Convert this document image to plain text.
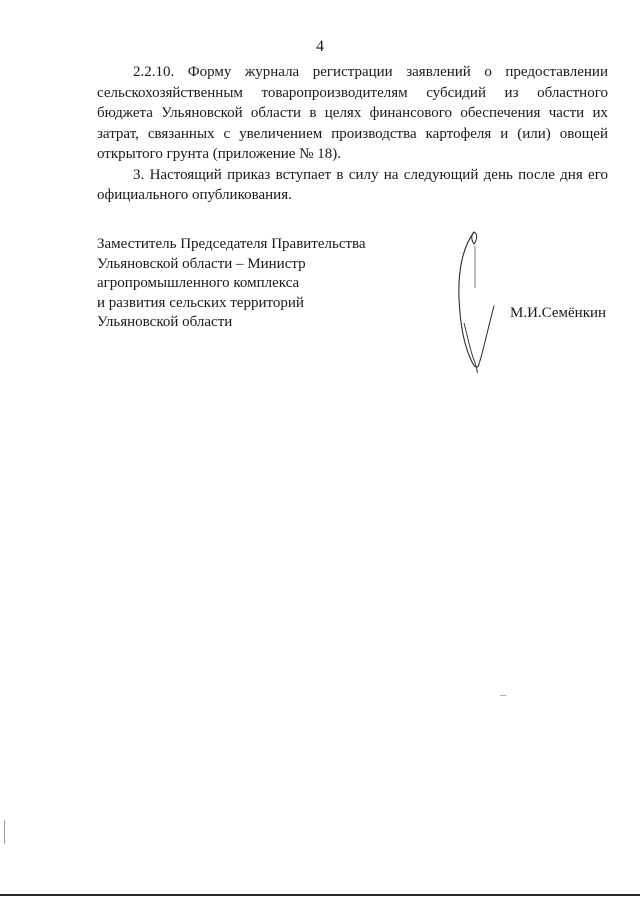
4

2.2.10. Форму журнала регистрации заявлений о предоставлении сельскохозяйственным товаропроизводителям субсидий из областного бюджета Ульяновской области в целях финансового обеспечения части их затрат, связанных с увеличением производства картофеля и (или) овощей открытого грунта (приложение № 18).

3. Настоящий приказ вступает в силу на следующий день после дня его официального опубликования.

Заместитель Председателя Правительства
Ульяновской области – Министр
агропромышленного комплекса
и развития сельских территорий
Ульяновской области
М.И.Семёнкин
